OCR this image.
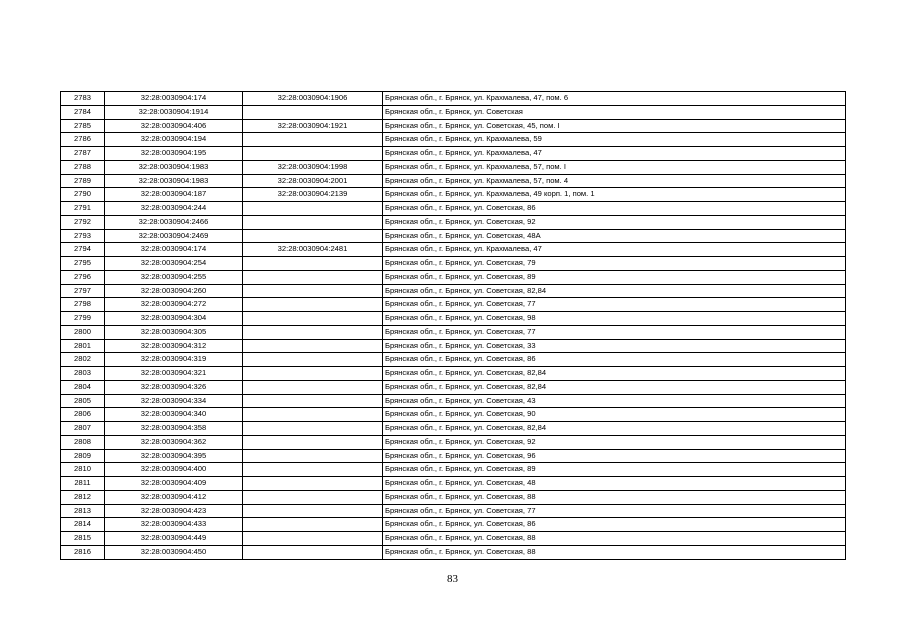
2783	32:28:0030904:174	32:28:0030904:1906	Брянская обл., г. Брянск, ул. Крахмалева, 47, пом. 6
2784	32:28:0030904:1914		Брянская обл., г. Брянск, ул. Советская
2785	32:28:0030904:406	32:28:0030904:1921	Брянская обл., г. Брянск, ул. Советская, 45, пом. I
2786	32:28:0030904:194		Брянская обл., г. Брянск, ул. Крахмалева, 59
2787	32:28:0030904:195		Брянская обл., г. Брянск, ул. Крахмалева, 47
2788	32:28:0030904:1983	32:28:0030904:1998	Брянская обл., г. Брянск, ул. Крахмалева, 57, пом. I
2789	32:28:0030904:1983	32:28:0030904:2001	Брянская обл., г. Брянск, ул. Крахмалева, 57, пом. 4
2790	32:28:0030904:187	32:28:0030904:2139	Брянская обл., г. Брянск, ул. Крахмалева, 49 корп. 1, пом. 1
2791	32:28:0030904:244		Брянская обл., г. Брянск, ул. Советская, 86
2792	32:28:0030904:2466		Брянская обл., г. Брянск, ул. Советская, 92
2793	32:28:0030904:2469		Брянская обл., г. Брянск, ул. Советская, 48А
2794	32:28:0030904:174	32:28:0030904:2481	Брянская обл., г. Брянск, ул. Крахмалева, 47
2795	32:28:0030904:254		Брянская обл., г. Брянск, ул. Советская, 79
2796	32:28:0030904:255		Брянская обл., г. Брянск, ул. Советская, 89
2797	32:28:0030904:260		Брянская обл., г. Брянск, ул. Советская, 82,84
2798	32:28:0030904:272		Брянская обл., г. Брянск, ул. Советская, 77
2799	32:28:0030904:304		Брянская обл., г. Брянск, ул. Советская, 98
2800	32:28:0030904:305		Брянская обл., г. Брянск, ул. Советская, 77
2801	32:28:0030904:312		Брянская обл., г. Брянск, ул. Советская, 33
2802	32:28:0030904:319		Брянская обл., г. Брянск, ул. Советская, 86
2803	32:28:0030904:321		Брянская обл., г. Брянск, ул. Советская, 82,84
2804	32:28:0030904:326		Брянская обл., г. Брянск, ул. Советская, 82,84
2805	32:28:0030904:334		Брянская обл., г. Брянск, ул. Советская, 43
2806	32:28:0030904:340		Брянская обл., г. Брянск, ул. Советская, 90
2807	32:28:0030904:358		Брянская обл., г. Брянск, ул. Советская, 82,84
2808	32:28:0030904:362		Брянская обл., г. Брянск, ул. Советская, 92
2809	32:28:0030904:395		Брянская обл., г. Брянск, ул. Советская, 96
2810	32:28:0030904:400		Брянская обл., г. Брянск, ул. Советская, 89
2811	32:28:0030904:409		Брянская обл., г. Брянск, ул. Советская, 48
2812	32:28:0030904:412		Брянская обл., г. Брянск, ул. Советская, 88
2813	32:28:0030904:423		Брянская обл., г. Брянск, ул. Советская, 77
2814	32:28:0030904:433		Брянская обл., г. Брянск, ул. Советская, 86
2815	32:28:0030904:449		Брянская обл., г. Брянск, ул. Советская, 88
2816	32:28:0030904:450		Брянская обл., г. Брянск, ул. Советская, 88
83
